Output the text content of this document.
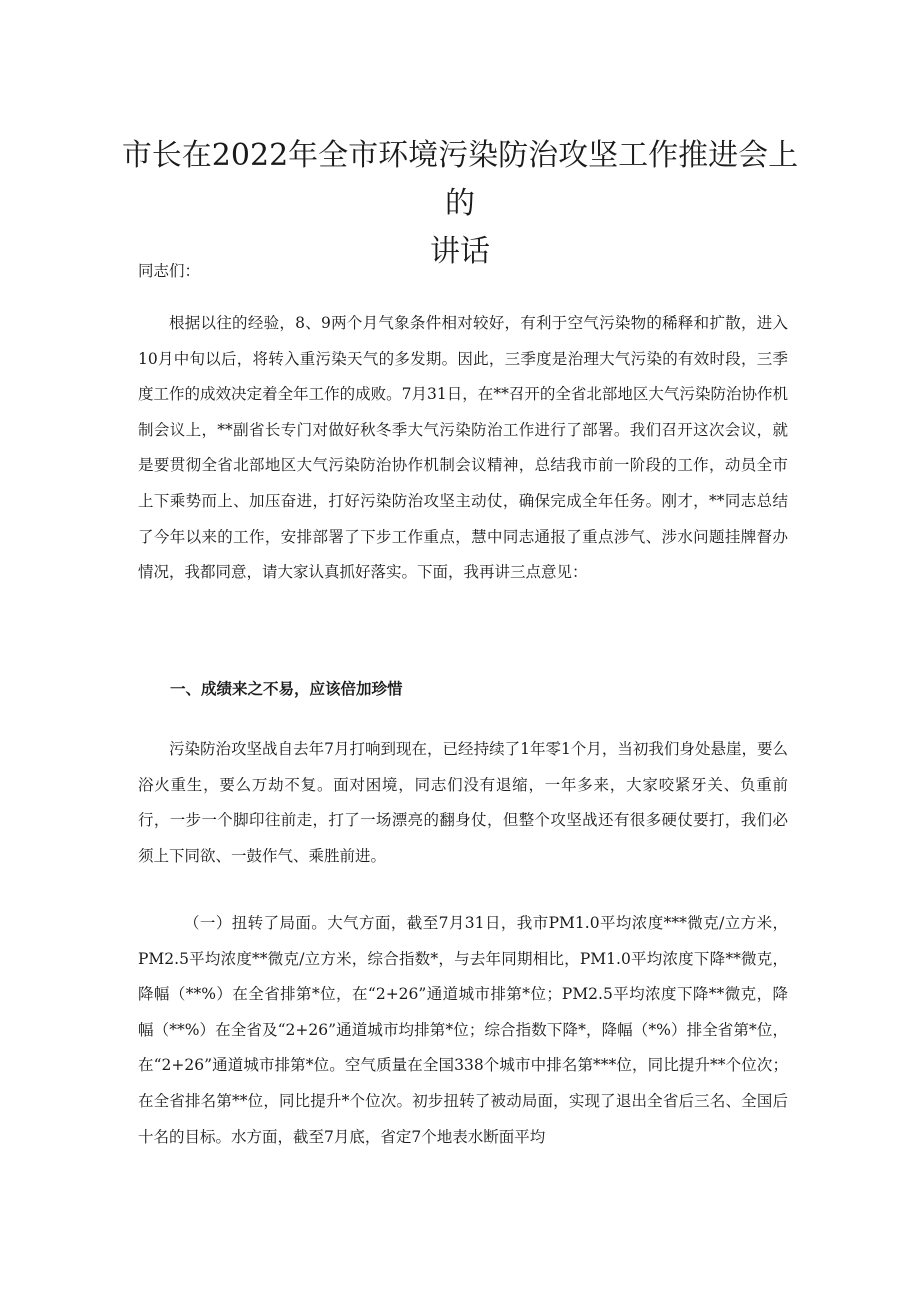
市长在2022年全市环境污染防治攻坚工作推进会上的
讲话

同志们：

根据以往的经验，8、9两个月气象条件相对较好，有利于空气污染物的稀释和扩散，进入10月中旬以后，将转入重污染天气的多发期。因此，三季度是治理大气污染的有效时段，三季度工作的成效决定着全年工作的成败。7月31日，在**召开的全省北部地区大气污染防治协作机制会议上，**副省长专门对做好秋冬季大气污染防治工作进行了部署。我们召开这次会议，就是要贯彻全省北部地区大气污染防治协作机制会议精神，总结我市前一阶段的工作，动员全市上下乘势而上、加压奋进，打好污染防治攻坚主动仗，确保完成全年任务。刚才，**同志总结了今年以来的工作，安排部署了下步工作重点，慧中同志通报了重点涉气、涉水问题挂牌督办情况，我都同意，请大家认真抓好落实。下面，我再讲三点意见：

一、成绩来之不易，应该倍加珍惜

污染防治攻坚战自去年7月打响到现在，已经持续了1年零1个月，当初我们身处悬崖，要么浴火重生，要么万劫不复。面对困境，同志们没有退缩，一年多来，大家咬紧牙关、负重前行，一步一个脚印往前走，打了一场漂亮的翻身仗，但整个攻坚战还有很多硬仗要打，我们必须上下同欲、一鼓作气、乘胜前进。

（一）扭转了局面。大气方面，截至7月31日，我市PM1.0平均浓度***微克/立方米，PM2.5平均浓度**微克/立方米，综合指数*，与去年同期相比，PM1.0平均浓度下降**微克，降幅（**%）在全省排第*位，在“2+26”通道城市排第*位；PM2.5平均浓度下降**微克，降幅（**%）在全省及“2+26”通道城市均排第*位；综合指数下降*，降幅（*%）排全省第*位，在“2+26”通道城市排第*位。空气质量在全国338个城市中排名第***位，同比提升**个位次；在全省排名第**位，同比提升*个位次。初步扭转了被动局面，实现了退出全省后三名、全国后十名的目标。水方面，截至7月底，省定7个地表水断面平均
